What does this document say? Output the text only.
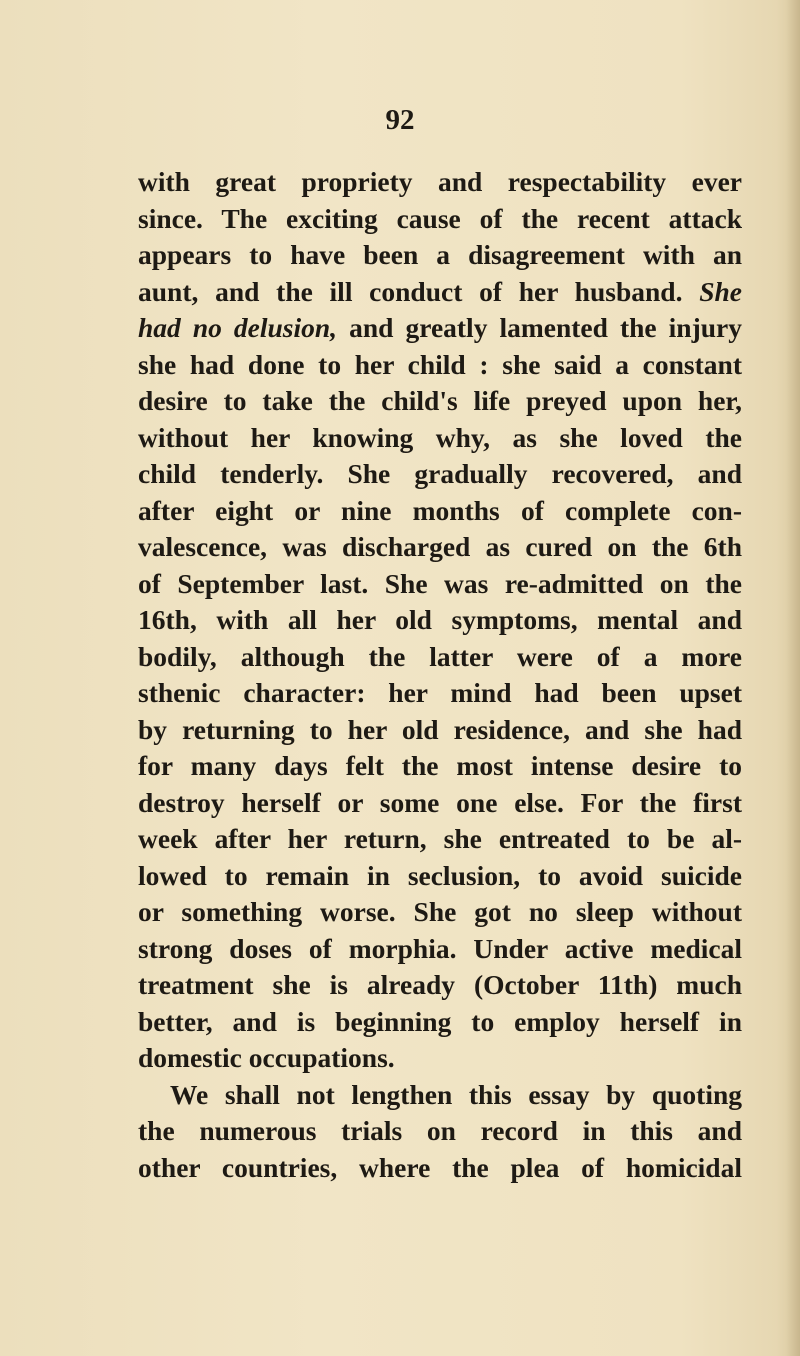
92

with great propriety and respectability ever
since. The exciting cause of the recent attack
appears to have been a disagreement with an
aunt, and the ill conduct of her husband. She
had no delusion, and greatly lamented the injury
she had done to her child : she said a constant
desire to take the child's life preyed upon her,
without her knowing why, as she loved the
child tenderly. She gradually recovered, and
after eight or nine months of complete con-
valescence, was discharged as cured on the 6th
of September last. She was re-admitted on the
16th, with all her old symptoms, mental and
bodily, although the latter were of a more
sthenic character: her mind had been upset
by returning to her old residence, and she had
for many days felt the most intense desire to
destroy herself or some one else. For the first
week after her return, she entreated to be al-
lowed to remain in seclusion, to avoid suicide
or something worse. She got no sleep without
strong doses of morphia. Under active medical
treatment she is already (October 11th) much
better, and is beginning to employ herself in
domestic occupations.
We shall not lengthen this essay by quoting
the numerous trials on record in this and
other countries, where the plea of homicidal
